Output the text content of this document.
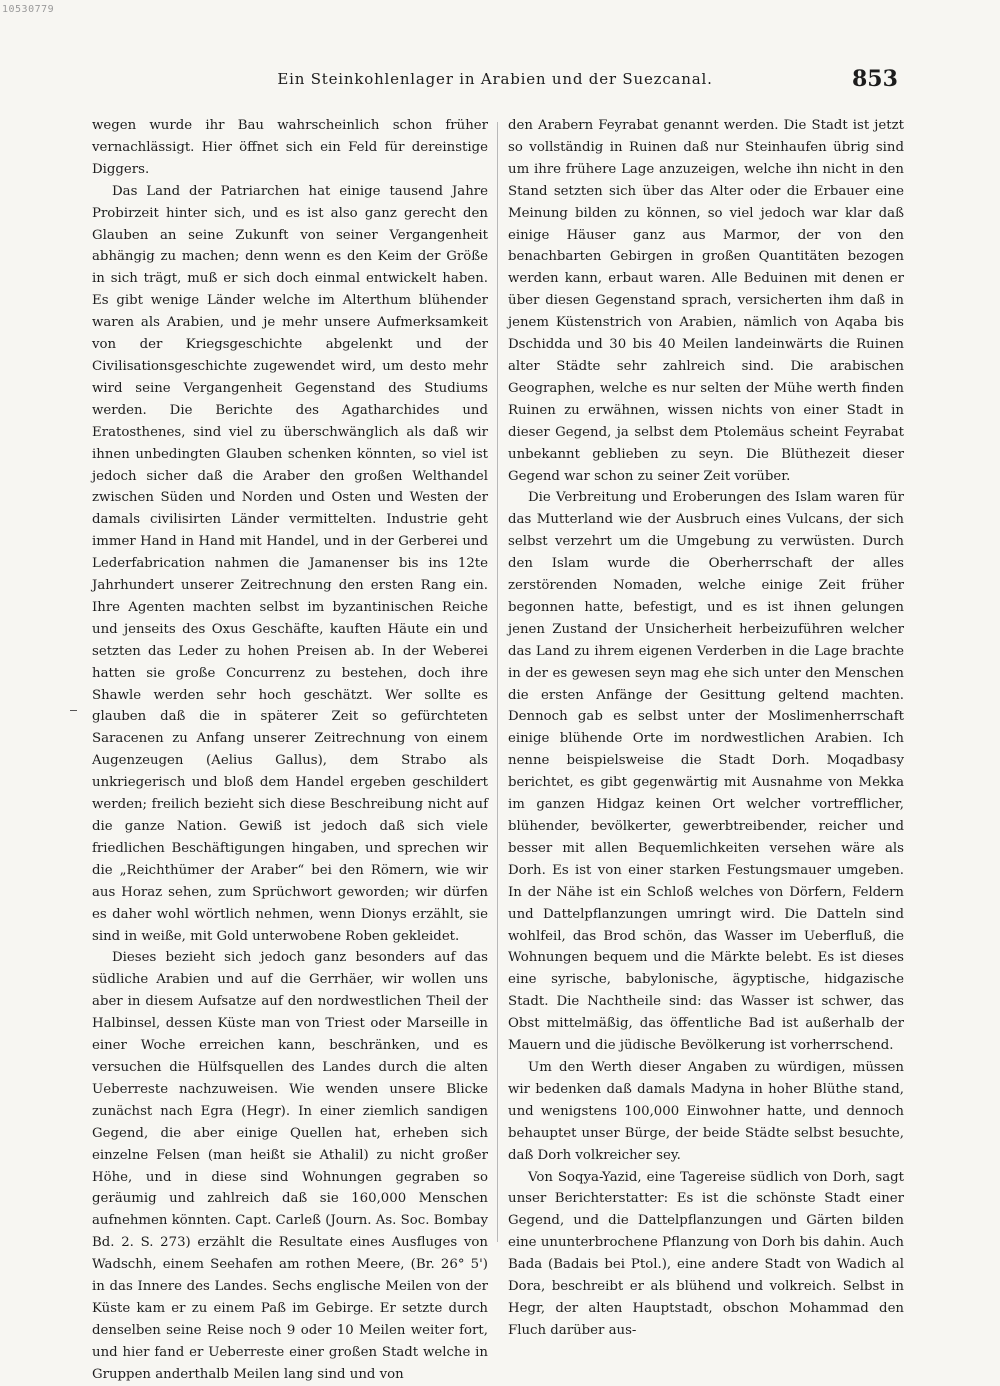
10530779
Ein Steinkohlenlager in Arabien und der Suezcanal.	853

wegen wurde ihr Bau wahrscheinlich schon früher vernachlässigt. Hier öffnet sich ein Feld für dereinstige Diggers.

Das Land der Patriarchen hat einige tausend Jahre Probirzeit hinter sich, und es ist also ganz gerecht den Glauben an seine Zukunft von seiner Vergangenheit abhängig zu machen; denn wenn es den Keim der Größe in sich trägt, muß er sich doch einmal entwickelt haben. Es gibt wenige Länder welche im Alterthum blühender waren als Arabien, und je mehr unsere Aufmerksamkeit von der Kriegsgeschichte abgelenkt und der Civilisationsgeschichte zugewendet wird, um desto mehr wird seine Vergangenheit Gegenstand des Studiums werden. Die Berichte des Agatharchides und Eratosthenes, sind viel zu überschwänglich als daß wir ihnen unbedingten Glauben schenken könnten, so viel ist jedoch sicher daß die Araber den großen Welthandel zwischen Süden und Norden und Osten und Westen der damals civilisirten Länder vermittelten. Industrie geht immer Hand in Hand mit Handel, und in der Gerberei und Lederfabrication nahmen die Jamanenser bis ins 12te Jahrhundert unserer Zeitrechnung den ersten Rang ein. Ihre Agenten machten selbst im byzantinischen Reiche und jenseits des Oxus Geschäfte, kauften Häute ein und setzten das Leder zu hohen Preisen ab. In der Weberei hatten sie große Concurrenz zu bestehen, doch ihre Shawle werden sehr hoch geschätzt. Wer sollte es glauben daß die in späterer Zeit so gefürchteten Saracenen zu Anfang unserer Zeitrechnung von einem Augenzeugen (Aelius Gallus), dem Strabo als unkriegerisch und bloß dem Handel ergeben geschildert werden; freilich bezieht sich diese Beschreibung nicht auf die ganze Nation. Gewiß ist jedoch daß sich viele friedlichen Beschäftigungen hingaben, und sprechen wir die „Reichthümer der Araber“ bei den Römern, wie wir aus Horaz sehen, zum Sprüchwort geworden; wir dürfen es daher wohl wörtlich nehmen, wenn Dionys erzählt, sie sind in weiße, mit Gold unterwobene Roben gekleidet.

Dieses bezieht sich jedoch ganz besonders auf das südliche Arabien und auf die Gerrhäer, wir wollen uns aber in diesem Aufsatze auf den nordwestlichen Theil der Halbinsel, dessen Küste man von Triest oder Marseille in einer Woche erreichen kann, beschränken, und es versuchen die Hülfsquellen des Landes durch die alten Ueberreste nachzuweisen. Wie wenden unsere Blicke zunächst nach Egra (Hegr). In einer ziemlich sandigen Gegend, die aber einige Quellen hat, erheben sich einzelne Felsen (man heißt sie Athalil) zu nicht großer Höhe, und in diese sind Wohnungen gegraben so geräumig und zahlreich daß sie 160,000 Menschen aufnehmen könnten. Capt. Carleß (Journ. As. Soc. Bombay Bd. 2. S. 273) erzählt die Resultate eines Ausfluges von Wadschh, einem Seehafen am rothen Meere, (Br. 26° 5') in das Innere des Landes. Sechs englische Meilen von der Küste kam er zu einem Paß im Gebirge. Er setzte durch denselben seine Reise noch 9 oder 10 Meilen weiter fort, und hier fand er Ueberreste einer großen Stadt welche in Gruppen anderthalb Meilen lang sind und von

den Arabern Feyrabat genannt werden. Die Stadt ist jetzt so vollständig in Ruinen daß nur Steinhaufen übrig sind um ihre frühere Lage anzuzeigen, welche ihn nicht in den Stand setzten sich über das Alter oder die Erbauer eine Meinung bilden zu können, so viel jedoch war klar daß einige Häuser ganz aus Marmor, der von den benachbarten Gebirgen in großen Quantitäten bezogen werden kann, erbaut waren. Alle Beduinen mit denen er über diesen Gegenstand sprach, versicherten ihm daß in jenem Küstenstrich von Arabien, nämlich von Aqaba bis Dschidda und 30 bis 40 Meilen landeinwärts die Ruinen alter Städte sehr zahlreich sind. Die arabischen Geographen, welche es nur selten der Mühe werth finden Ruinen zu erwähnen, wissen nichts von einer Stadt in dieser Gegend, ja selbst dem Ptolemäus scheint Feyrabat unbekannt geblieben zu seyn. Die Blüthezeit dieser Gegend war schon zu seiner Zeit vorüber.

Die Verbreitung und Eroberungen des Islam waren für das Mutterland wie der Ausbruch eines Vulcans, der sich selbst verzehrt um die Umgebung zu verwüsten. Durch den Islam wurde die Oberherrschaft der alles zerstörenden Nomaden, welche einige Zeit früher begonnen hatte, befestigt, und es ist ihnen gelungen jenen Zustand der Unsicherheit herbeizuführen welcher das Land zu ihrem eigenen Verderben in die Lage brachte in der es gewesen seyn mag ehe sich unter den Menschen die ersten Anfänge der Gesittung geltend machten. Dennoch gab es selbst unter der Moslimenherrschaft einige blühende Orte im nordwestlichen Arabien. Ich nenne beispielsweise die Stadt Dorh. Moqadbasy berichtet, es gibt gegenwärtig mit Ausnahme von Mekka im ganzen Hidgaz keinen Ort welcher vortrefflicher, blühender, bevölkerter, gewerbtreibender, reicher und besser mit allen Bequemlichkeiten versehen wäre als Dorh. Es ist von einer starken Festungsmauer umgeben. In der Nähe ist ein Schloß welches von Dörfern, Feldern und Dattelpflanzungen umringt wird. Die Datteln sind wohlfeil, das Brod schön, das Wasser im Ueberfluß, die Wohnungen bequem und die Märkte belebt. Es ist dieses eine syrische, babylonische, ägyptische, hidgazische Stadt. Die Nachtheile sind: das Wasser ist schwer, das Obst mittelmäßig, das öffentliche Bad ist außerhalb der Mauern und die jüdische Bevölkerung ist vorherrschend.

Um den Werth dieser Angaben zu würdigen, müssen wir bedenken daß damals Madyna in hoher Blüthe stand, und wenigstens 100,000 Einwohner hatte, und dennoch behauptet unser Bürge, der beide Städte selbst besuchte, daß Dorh volkreicher sey.

Von Soqya-Yazid, eine Tagereise südlich von Dorh, sagt unser Berichterstatter: Es ist die schönste Stadt einer Gegend, und die Dattelpflanzungen und Gärten bilden eine ununterbrochene Pflanzung von Dorh bis dahin. Auch Bada (Badais bei Ptol.), eine andere Stadt von Wadich al Dora, beschreibt er als blühend und volkreich. Selbst in Hegr, der alten Hauptstadt, obschon Mohammad den Fluch darüber aus-
